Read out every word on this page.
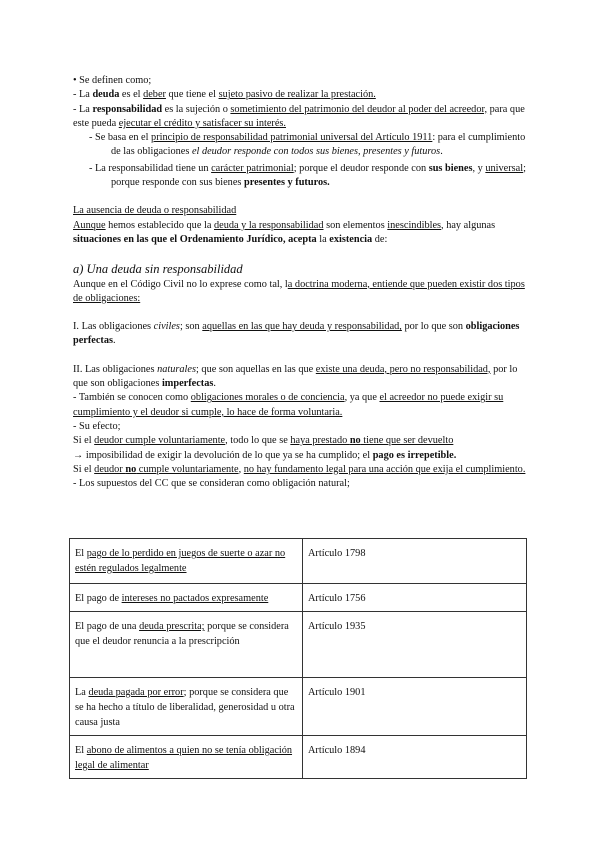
• Se definen como;

- La deuda es el deber que tiene el sujeto pasivo de realizar la prestación.

- La responsabilidad es la sujeción o sometimiento del patrimonio del deudor al poder del acreedor, para que este pueda ejecutar el crédito y satisfacer su interés.

- Se basa en el principio de responsabilidad patrimonial universal del Artículo 1911: para el cumplimiento de las obligaciones el deudor responde con todos sus bienes, presentes y futuros.

- La responsabilidad tiene un carácter patrimonial; porque el deudor responde con sus bienes, y universal; porque responde con sus bienes presentes y futuros.

La ausencia de deuda o responsabilidad

Aunque hemos establecido que la deuda y la responsabilidad son elementos inescindibles, hay algunas situaciones en las que el Ordenamiento Jurídico, acepta la existencia de:

a) Una deuda sin responsabilidad

Aunque en el Código Civil no lo exprese como tal, la doctrina moderna, entiende que pueden existir dos tipos de obligaciones:

I. Las obligaciones civiles; son aquellas en las que hay deuda y responsabilidad, por lo que son obligaciones perfectas.

II. Las obligaciones naturales; que son aquellas en las que existe una deuda, pero no responsabilidad, por lo que son obligaciones imperfectas.

- También se conocen como obligaciones morales o de conciencia, ya que el acreedor no puede exigir su cumplimiento y el deudor si cumple, lo hace de forma voluntaria.

- Su efecto;

Si el deudor cumple voluntariamente, todo lo que se haya prestado no tiene que ser devuelto

→ imposibilidad de exigir la devolución de lo que ya se ha cumplido; el pago es irrepetible.

Si el deudor no cumple voluntariamente, no hay fundamento legal para una acción que exija el cumplimiento.

- Los supuestos del CC que se consideran como obligación natural;

El pago de lo perdido en juegos de suerte o azar no estén regulados legalmente	Artículo 1798
El pago de intereses no pactados expresamente	Artículo 1756
El pago de una deuda prescrita; porque se considera que el deudor renuncia a la prescripción	Artículo 1935
La deuda pagada por error; porque se considera que se ha hecho a título de liberalidad, generosidad u otra causa justa	Artículo 1901
El abono de alimentos a quien no se tenía obligación legal de alimentar	Artículo 1894
